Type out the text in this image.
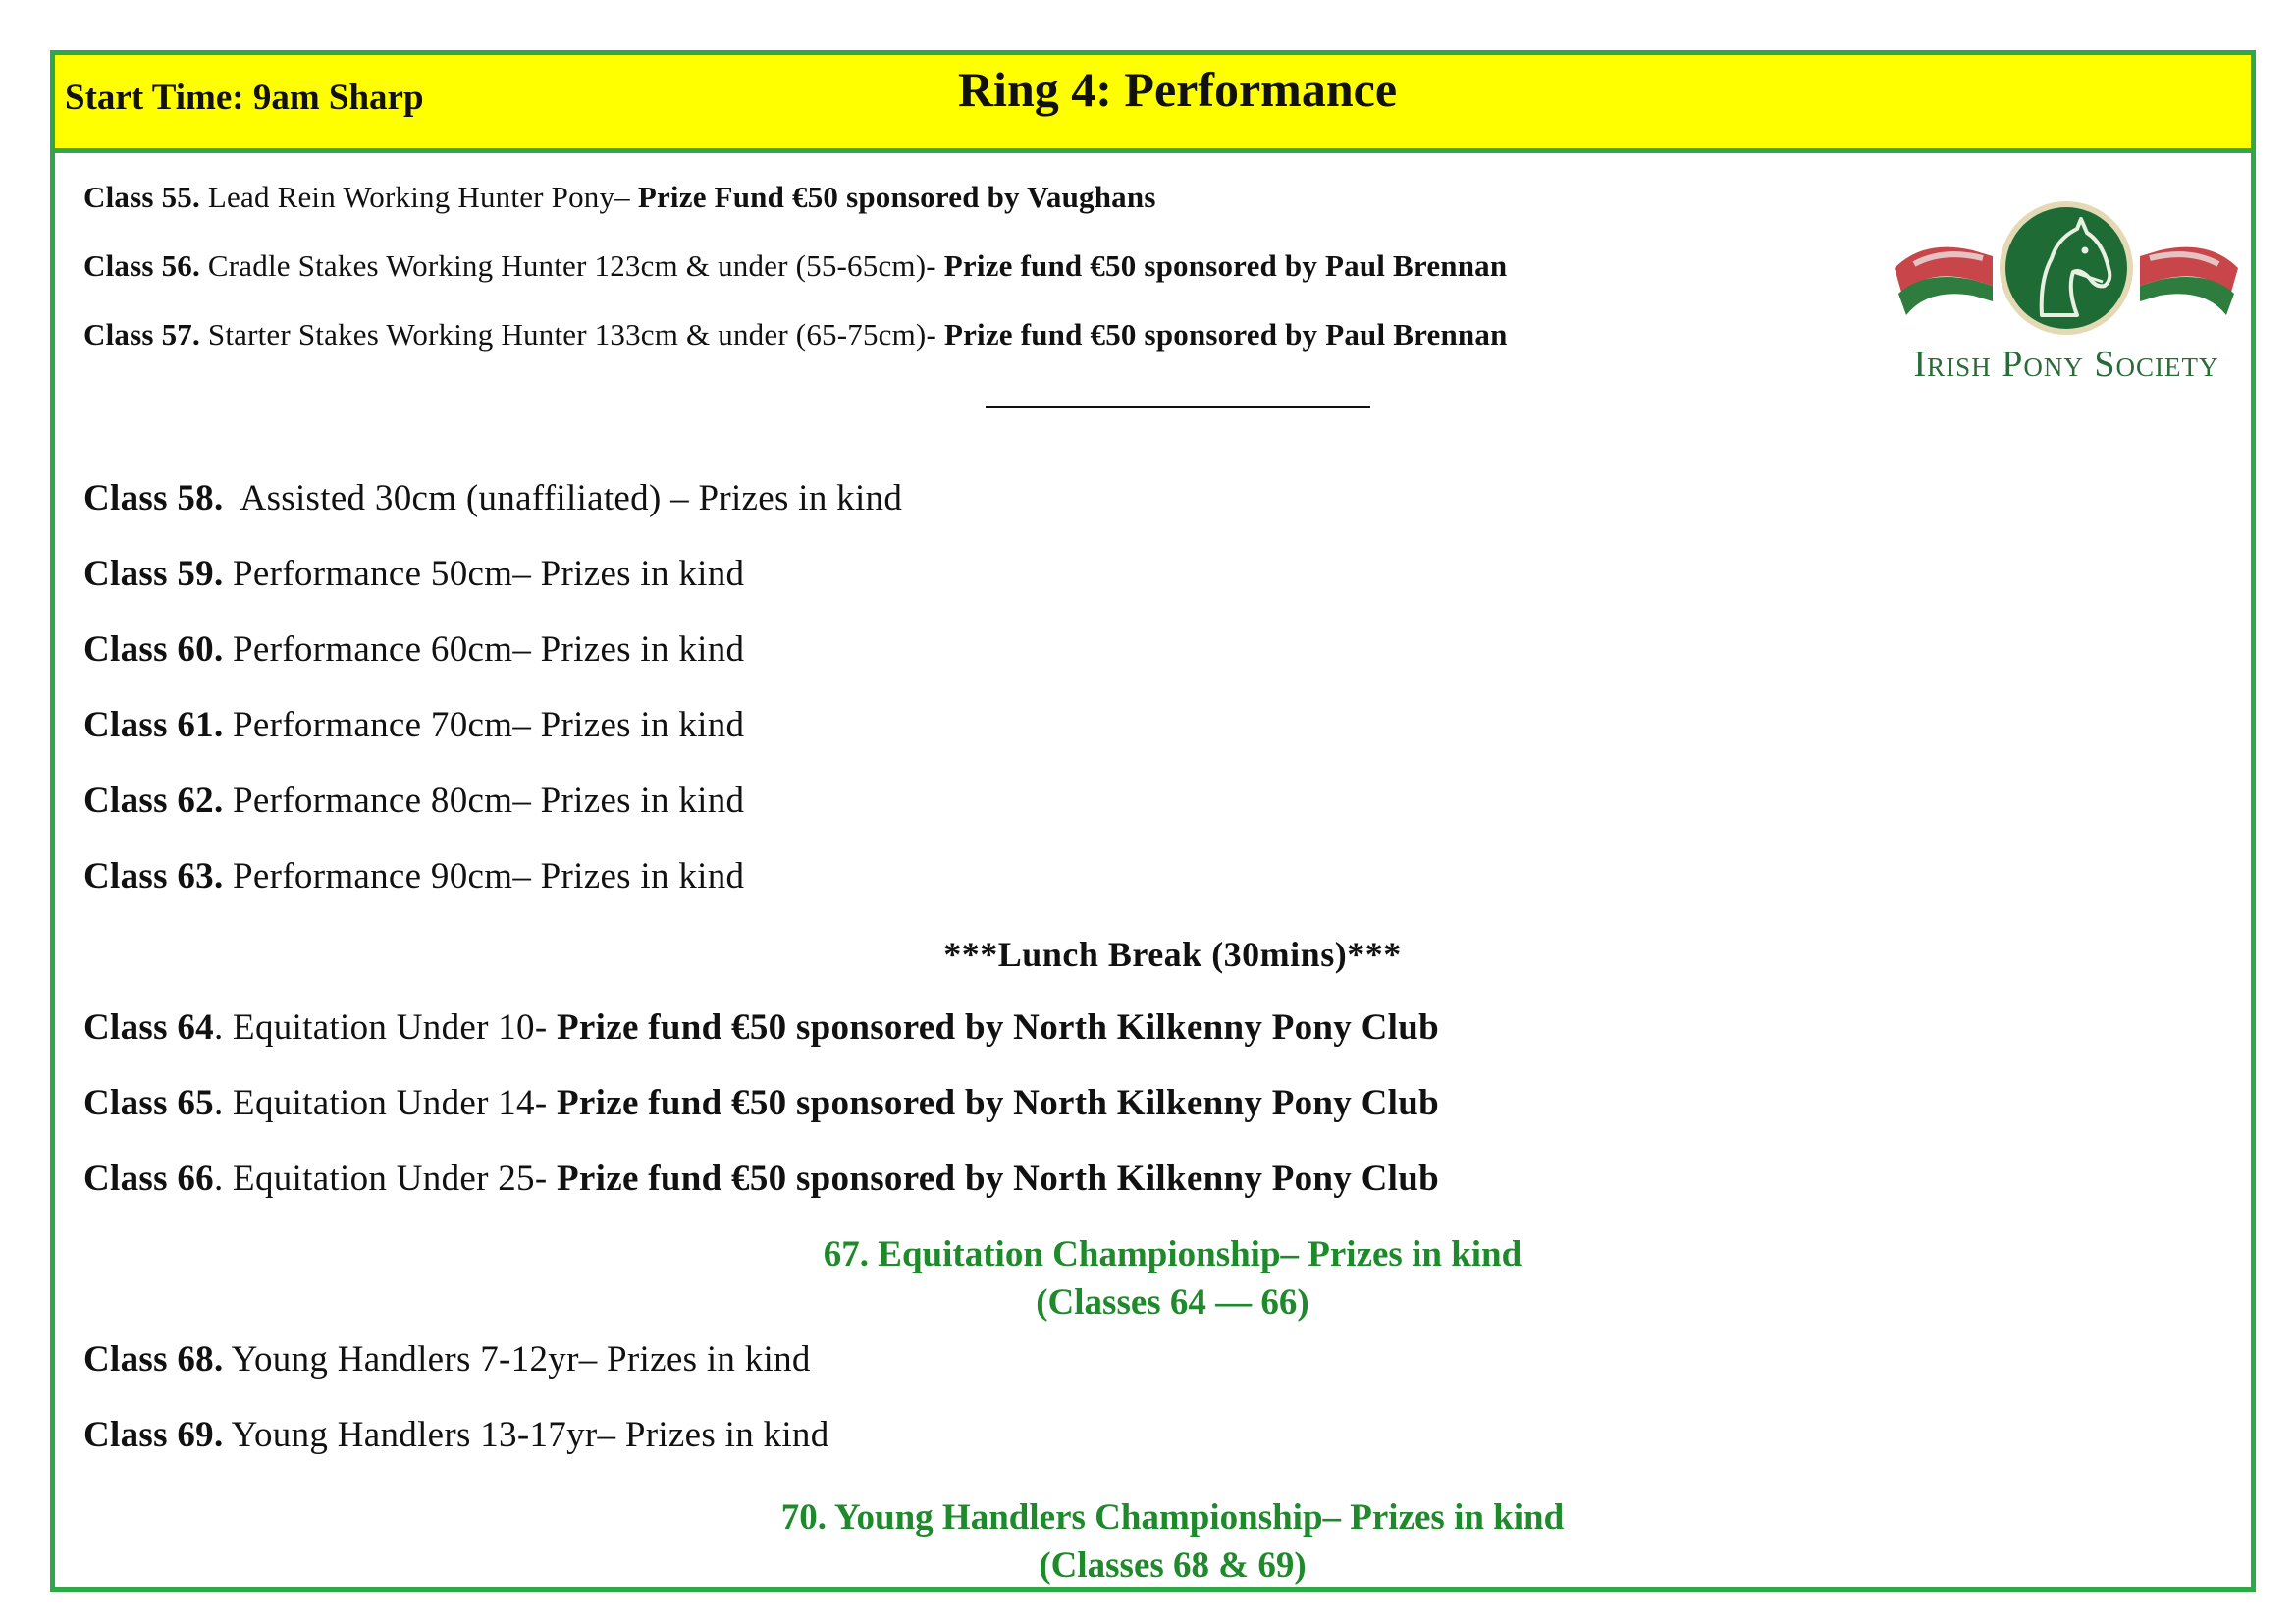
Start Time: 9am Sharp	Ring 4: Performance
Class 55. Lead Rein Working Hunter Pony– Prize Fund €50 sponsored by Vaughans
Class 56. Cradle Stakes Working Hunter 123cm & under (55-65cm)- Prize fund €50 sponsored by Paul Brennan
Class 57. Starter Stakes Working Hunter 133cm & under (65-75cm)- Prize fund €50 sponsored by Paul Brennan
Class 58.  Assisted 30cm (unaffiliated) – Prizes in kind
Class 59. Performance 50cm– Prizes in kind
Class 60. Performance 60cm– Prizes in kind
Class 61. Performance 70cm– Prizes in kind
Class 62. Performance 80cm– Prizes in kind
Class 63. Performance 90cm– Prizes in kind
***Lunch Break (30mins)***
Class 64. Equitation Under 10- Prize fund €50 sponsored by North Kilkenny Pony Club
Class 65. Equitation Under 14- Prize fund €50 sponsored by North Kilkenny Pony Club
Class 66. Equitation Under 25- Prize fund €50 sponsored by North Kilkenny Pony Club
67. Equitation Championship– Prizes in kind
(Classes 64 — 66)
Class 68. Young Handlers 7-12yr– Prizes in kind
Class 69. Young Handlers 13-17yr– Prizes in kind
70. Young Handlers Championship– Prizes in kind
(Classes 68 & 69)
Irish Pony Society
